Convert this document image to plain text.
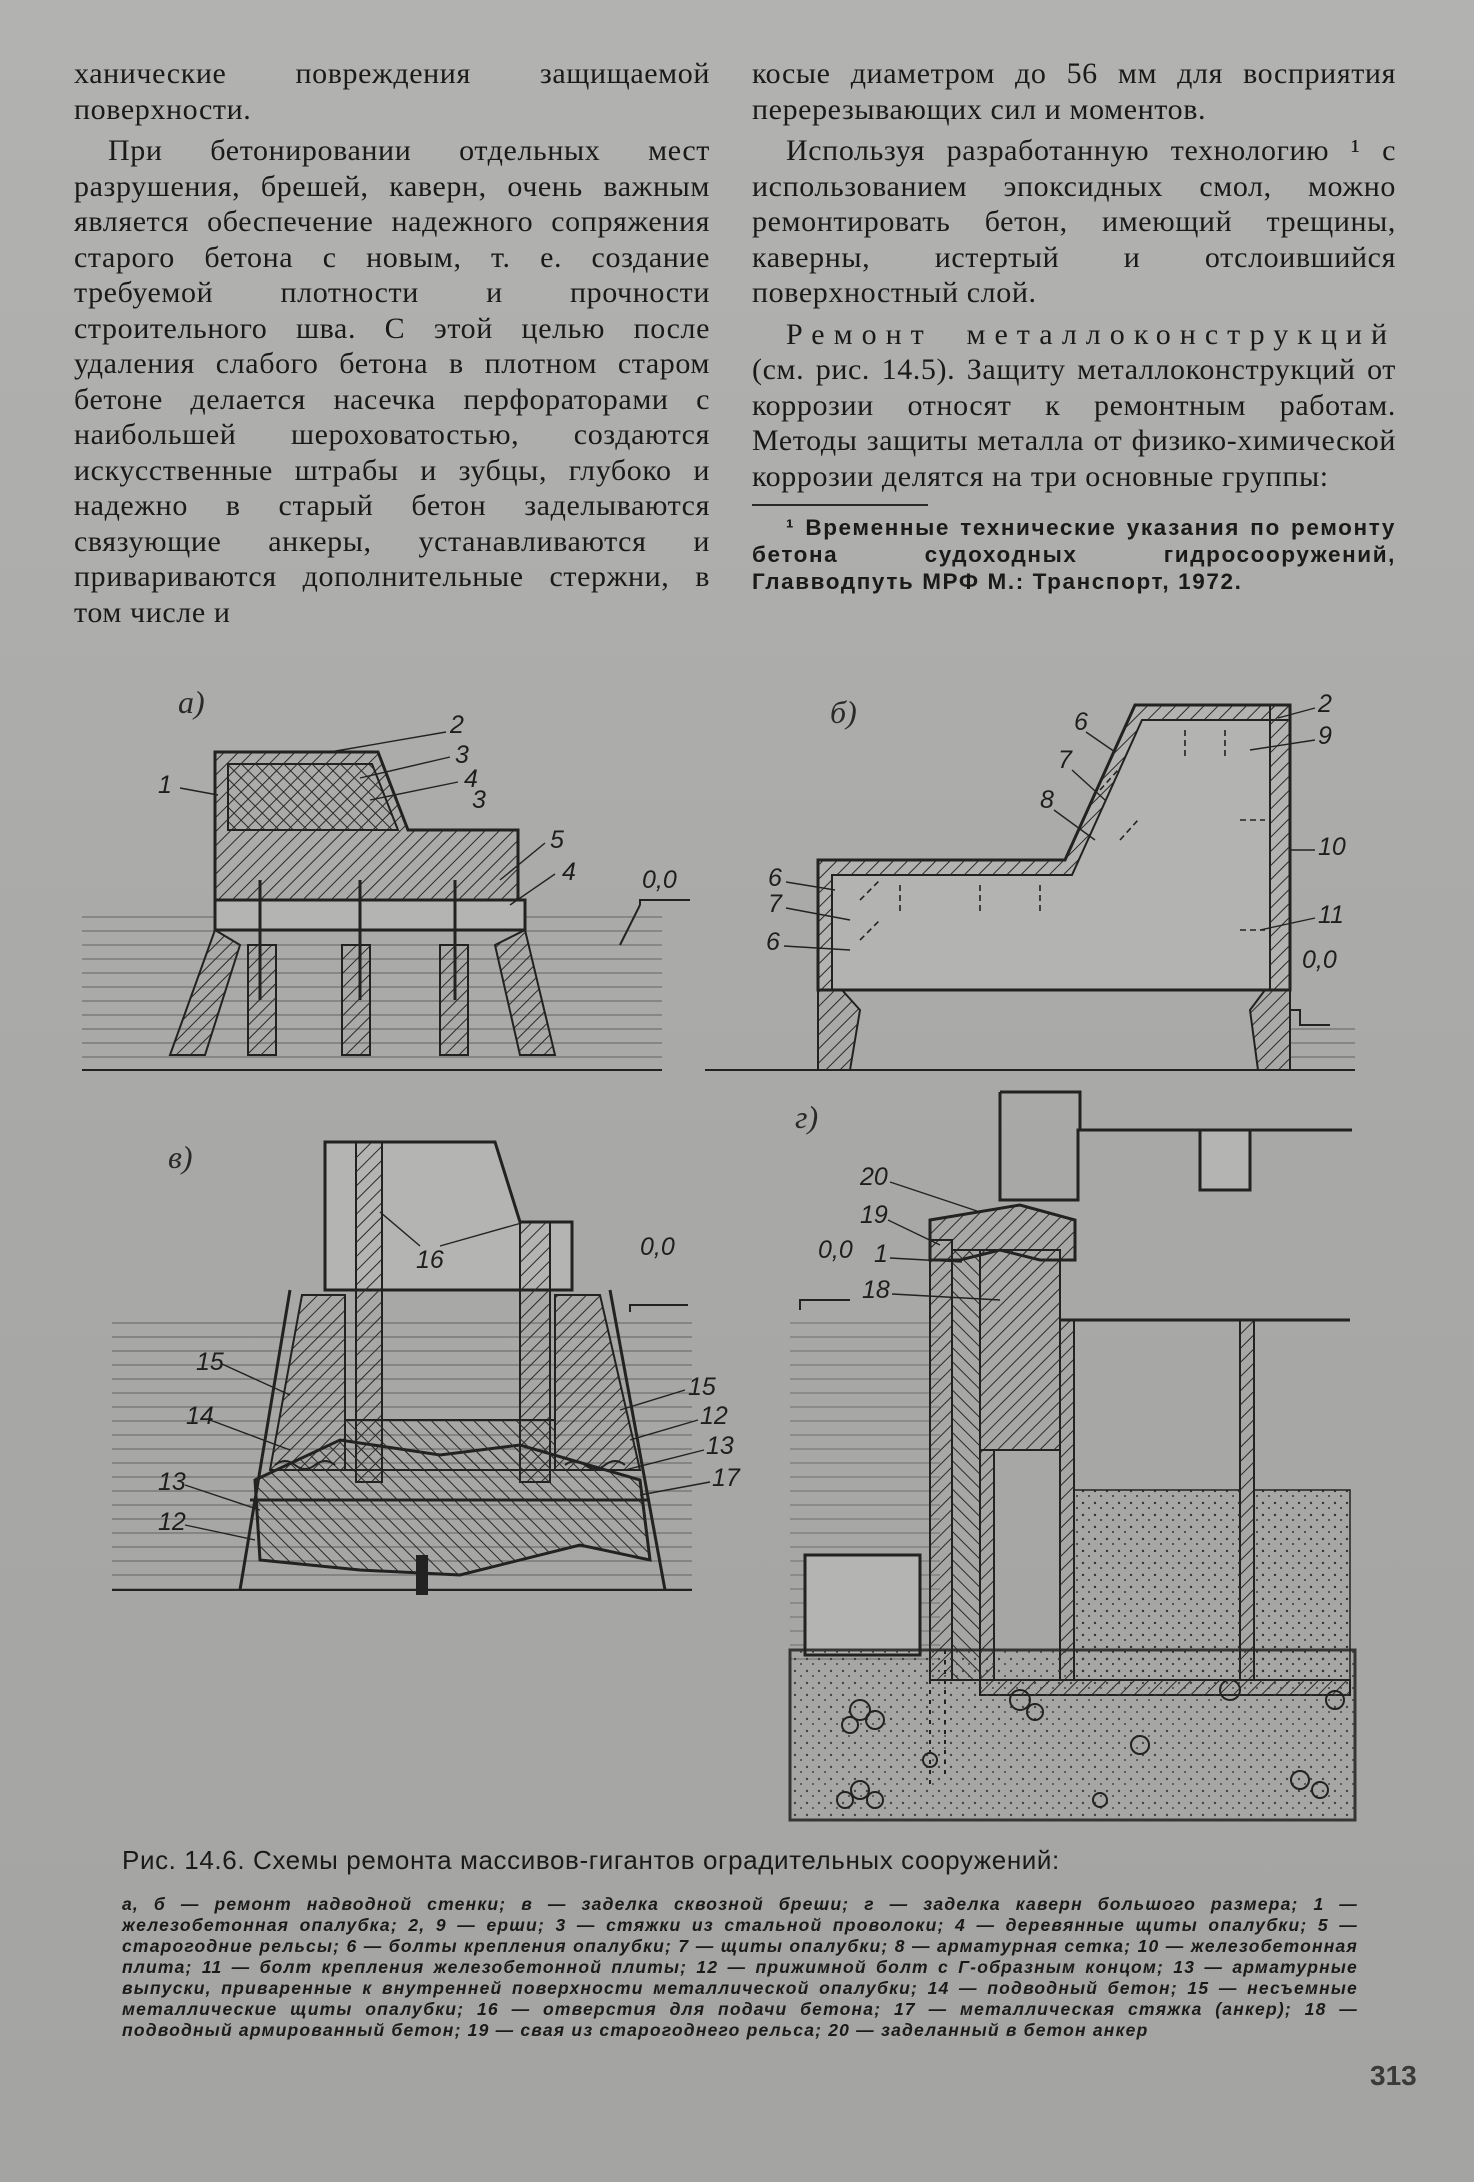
ханические повреждения защищаемой поверхности.

При бетонировании отдельных мест разрушения, брешей, каверн, очень важным является обеспечение надежного сопряжения старого бетона с новым, т. е. создание требуемой плотности и прочности строительного шва. С этой целью после удаления слабого бетона в плотном старом бетоне делается насечка перфораторами с наибольшей шероховатостью, создаются искусственные штрабы и зубцы, глубоко и надежно в старый бетон заделываются связующие анкеры, устанавливаются и привариваются дополнительные стержни, в том числе и

косые диаметром до 56 мм для восприятия перерезывающих сил и моментов.

Используя разработанную технологию ¹ с использованием эпоксидных смол, можно ремонтировать бетон, имеющий трещины, каверны, истертый и отслоившийся поверхностный слой.

Ремонт металлоконструкций (см. рис. 14.5). Защиту металлоконструкций от коррозии относят к ремонтным работам. Методы защиты металла от физико-химической коррозии делятся на три основные группы:

¹ Временные технические указания по ремонту бетона судоходных гидросооружений, Главводпуть МРФ М.: Транспорт, 1972.

0,0
а)
1
2
3
4
3
5
4
0,0
б)	2
9
6
7
8
10
11
6
7
6
0,0
в)
16
15
14
13
12
15
12
13
17
0,0
г)
20
19
1
18

Рис. 14.6. Схемы ремонта массивов-гигантов оградительных сооружений:

а, б — ремонт надводной стенки; в — заделка сквозной бреши; г — заделка каверн большого размера; 1 — железобетонная опалубка; 2, 9 — ерши; 3 — стяжки из стальной проволоки; 4 — деревянные щиты опалубки; 5 — старогодние рельсы; 6 — болты крепления опалубки; 7 — щиты опалубки; 8 — арматурная сетка; 10 — железобетонная плита; 11 — болт крепления железобетонной плиты; 12 — прижимной болт с Г-образным концом; 13 — арматурные выпуски, приваренные к внутренней поверхности металлической опалубки; 14 — подводный бетон; 15 — несъемные металлические щиты опалубки; 16 — отверстия для подачи бетона; 17 — металлическая стяжка (анкер); 18 — подводный армированный бетон; 19 — свая из старогоднего рельса; 20 — заделанный в бетон анкер

313
